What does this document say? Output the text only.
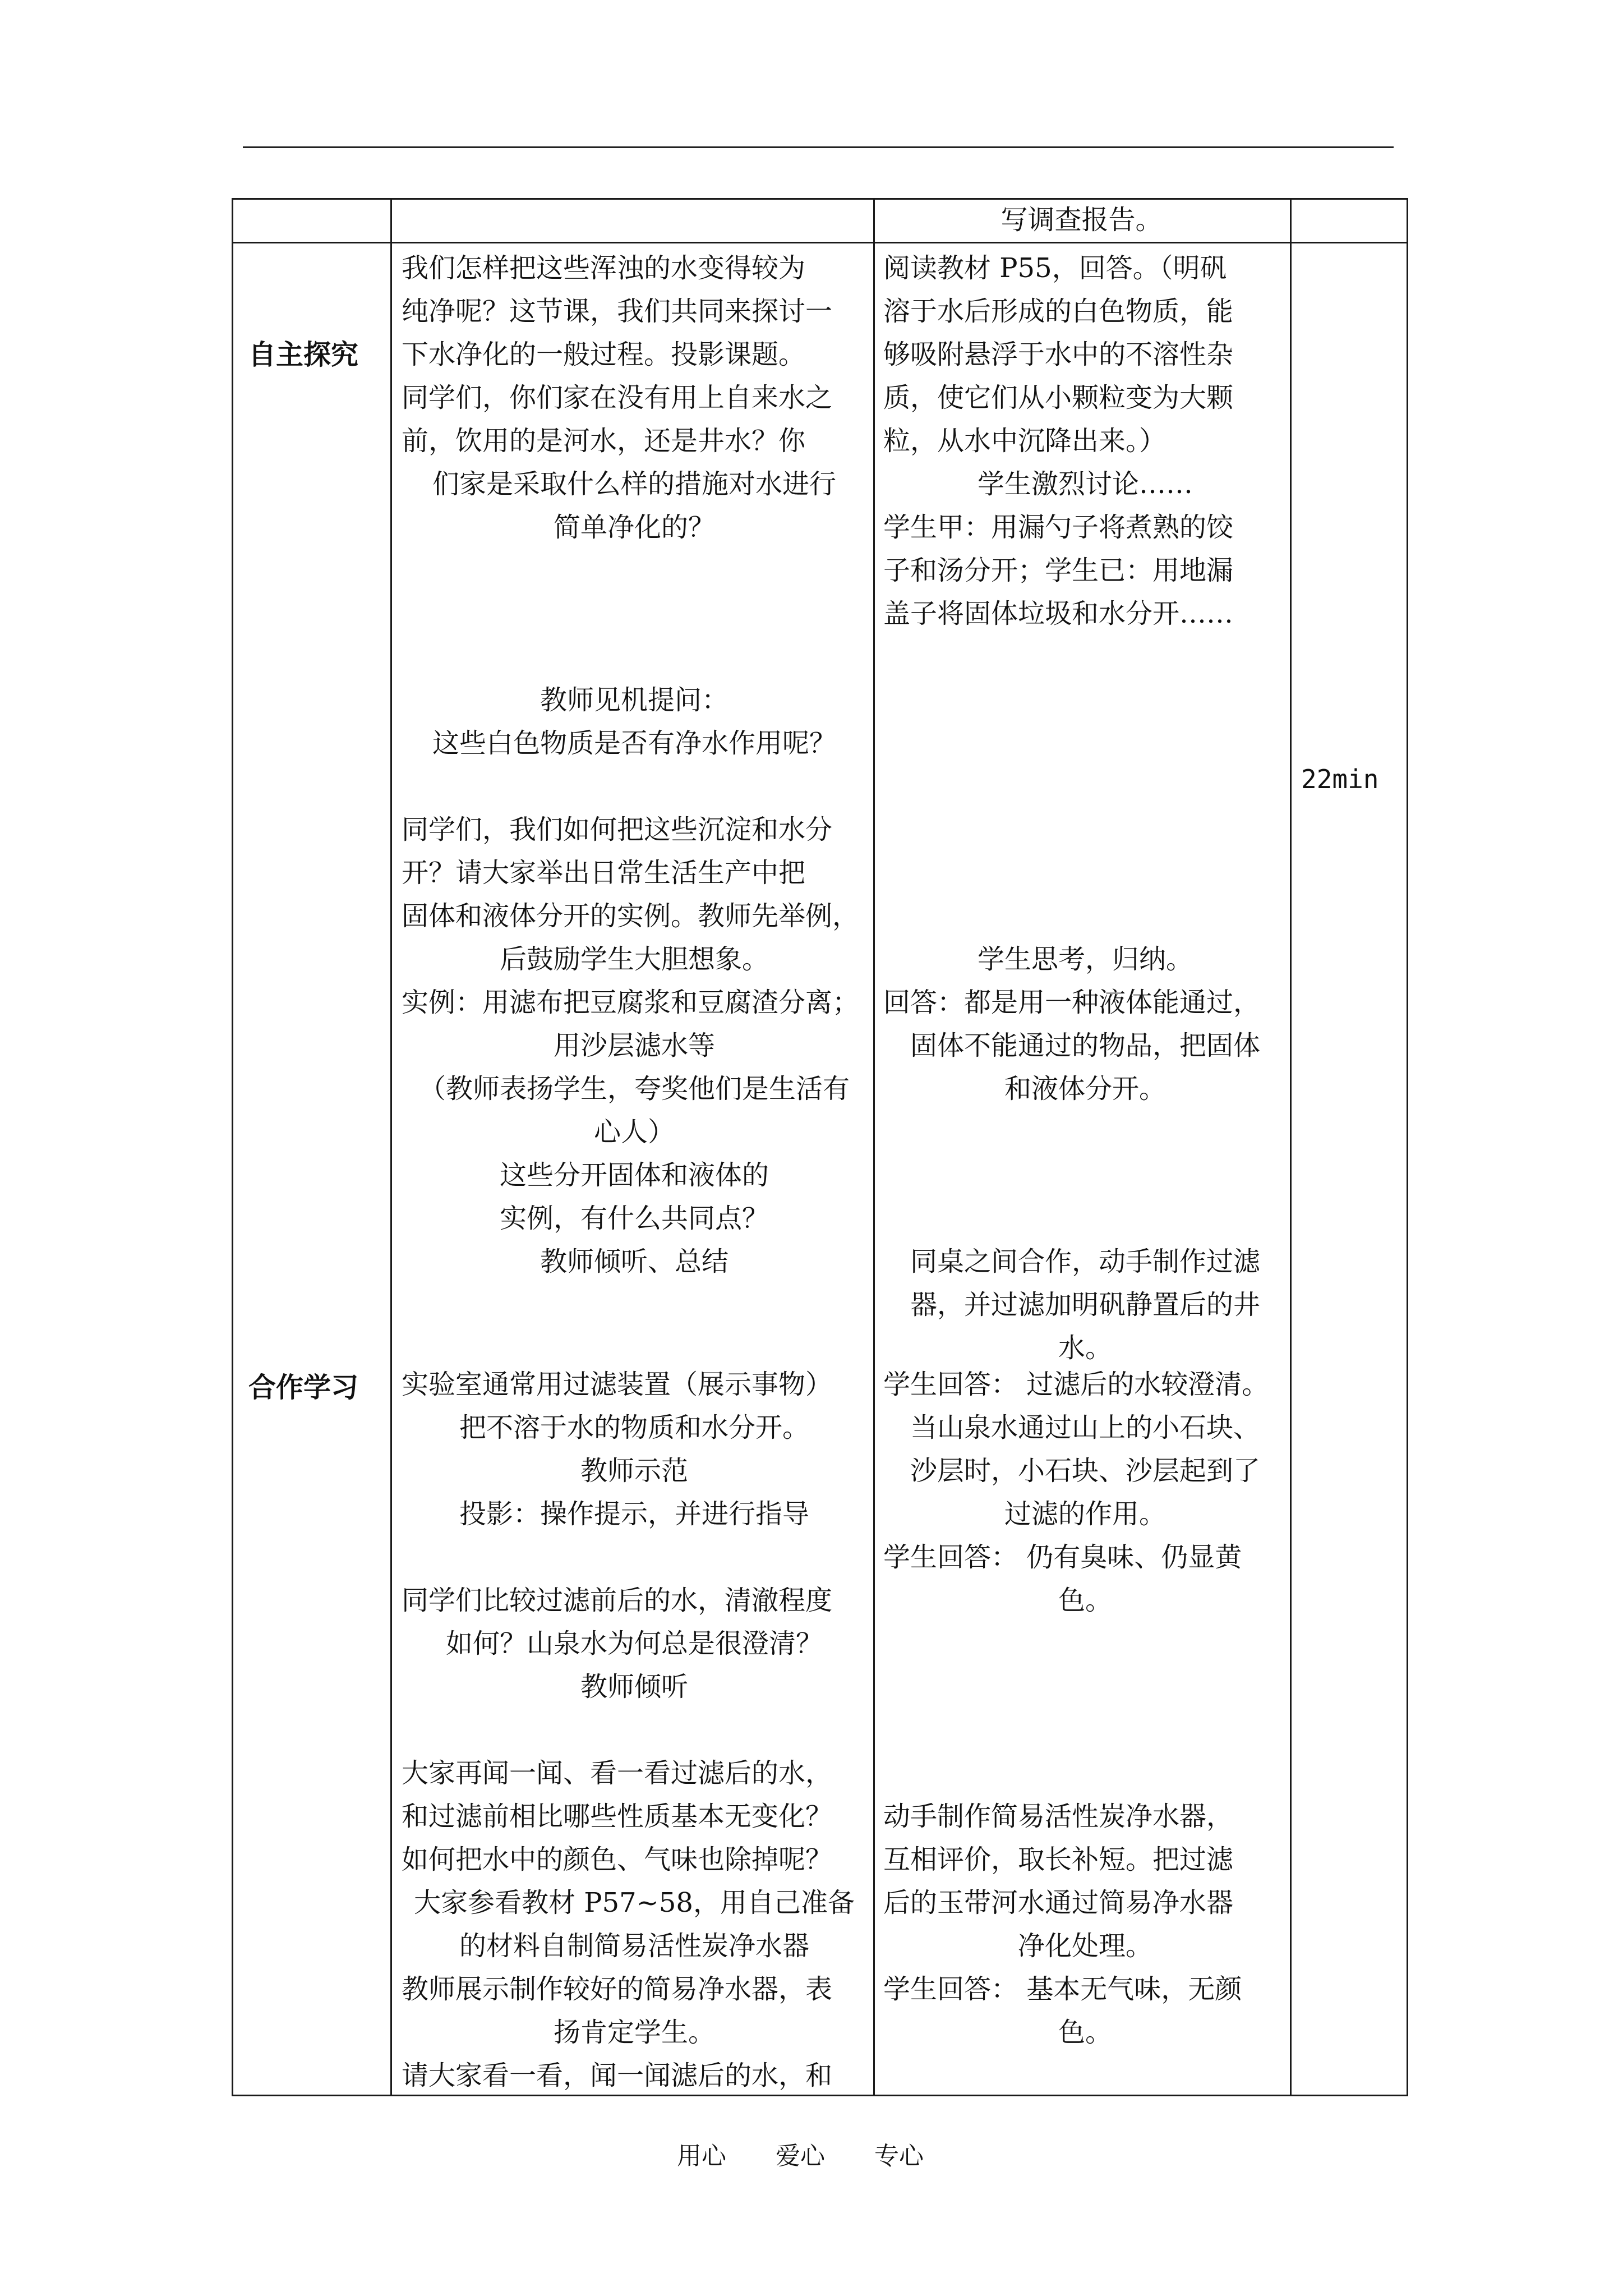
写调查报告。
自主探究
合作学习
22min
我们怎样把这些浑浊的水变得较为
纯净呢？这节课，我们共同来探讨一
下水净化的一般过程。投影课题。
同学们，你们家在没有用上自来水之
前，饮用的是河水，还是井水？你
们家是采取什么样的措施对水进行
简单净化的？
教师见机提问：
这些白色物质是否有净水作用呢？
同学们，我们如何把这些沉淀和水分
开？请大家举出日常生活生产中把
固体和液体分开的实例。教师先举例，
后鼓励学生大胆想象。
实例：用滤布把豆腐浆和豆腐渣分离；
用沙层滤水等
（教师表扬学生，夸奖他们是生活有
心人）
这些分开固体和液体的
实例，有什么共同点？
教师倾听、总结
阅读教材 P55，回答。（明矾
溶于水后形成的白色物质，能
够吸附悬浮于水中的不溶性杂
质，使它们从小颗粒变为大颗
粒，从水中沉降出来。）
学生激烈讨论……
学生甲：用漏勺子将煮熟的饺
子和汤分开；学生已：用地漏
盖子将固体垃圾和水分开……
学生思考，归纳。
回答：都是用一种液体能通过，
固体不能通过的物品，把固体
和液体分开。
同桌之间合作，动手制作过滤
器，并过滤加明矾静置后的井
水。
实验室通常用过滤装置（展示事物）
把不溶于水的物质和水分开。
教师示范
投影：操作提示，并进行指导
同学们比较过滤前后的水，清澈程度
如何？山泉水为何总是很澄清？
教师倾听
大家再闻一闻、看一看过滤后的水，
和过滤前相比哪些性质基本无变化？
如何把水中的颜色、气味也除掉呢？
大家参看教材 P57~58，用自己准备
的材料自制简易活性炭净水器
教师展示制作较好的简易净水器，表
扬肯定学生。
请大家看一看，闻一闻滤后的水，和
学生回答： 过滤后的水较澄清。
当山泉水通过山上的小石块、
沙层时，小石块、沙层起到了
过滤的作用。
学生回答： 仍有臭味、仍显黄
色。
动手制作简易活性炭净水器，
互相评价，取长补短。把过滤
后的玉带河水通过简易净水器
净化处理。
学生回答： 基本无气味，无颜
色。
用心　　爱心　　专心
